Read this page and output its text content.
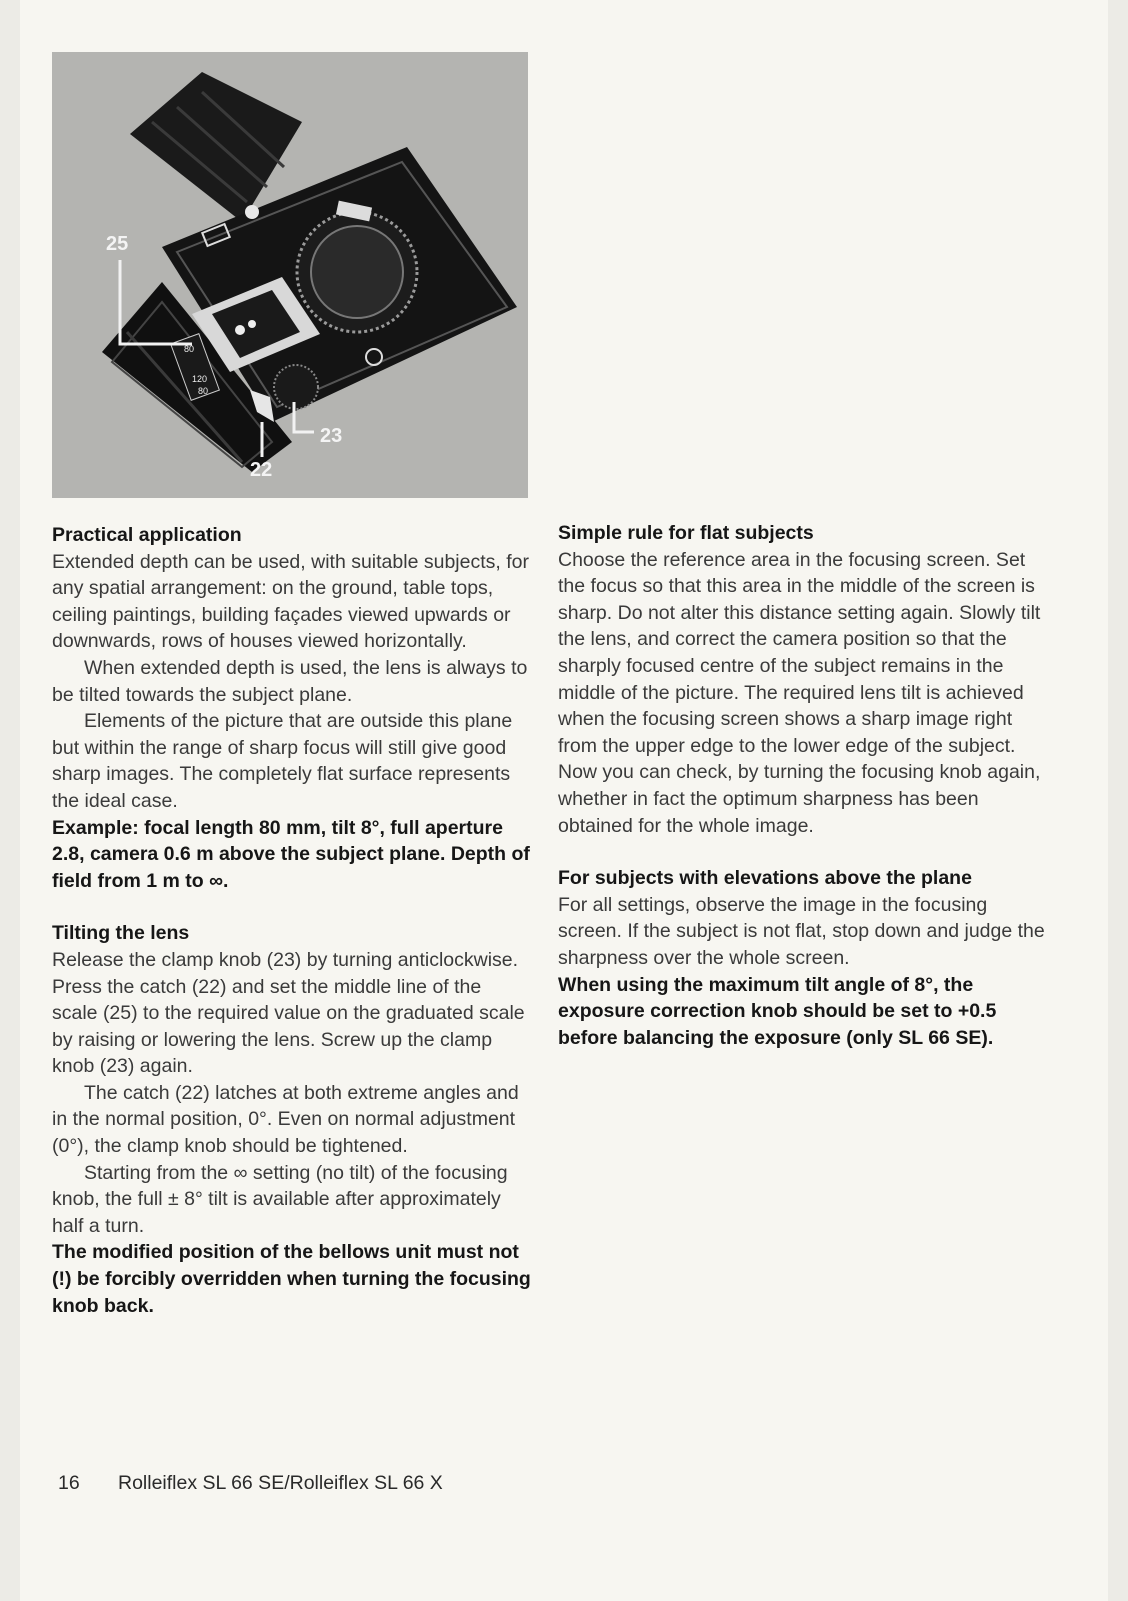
80
120
80
25
23
22

Practical application

Extended depth can be used, with suitable subjects, for any spatial arrangement: on the ground, table tops, ceiling paintings, building façades viewed upwards or downwards, rows of houses viewed horizontally.

When extended depth is used, the lens is always to be tilted towards the subject plane.

Elements of the picture that are outside this plane but within the range of sharp focus will still give good sharp images. The completely flat surface represents the ideal case.

Example: focal length 80 mm, tilt 8°, full aperture 2.8, camera 0.6 m above the subject plane. Depth of field from 1 m to ∞.

Tilting the lens

Release the clamp knob (23) by turning anticlockwise. Press the catch (22) and set the middle line of the scale (25) to the required value on the graduated scale by raising or lowering the lens. Screw up the clamp knob (23) again.

The catch (22) latches at both extreme angles and in the normal position, 0°. Even on normal adjustment (0°), the clamp knob should be tightened.

Starting from the ∞ setting (no tilt) of the focusing knob, the full ± 8° tilt is available after approximately half a turn.

The modified position of the bellows unit must not (!) be forcibly overridden when turning the focusing knob back.

Simple rule for flat subjects

Choose the reference area in the focusing screen. Set the focus so that this area in the middle of the screen is sharp. Do not alter this distance setting again. Slowly tilt the lens, and correct the camera position so that the sharply focused centre of the subject remains in the middle of the picture. The required lens tilt is achieved when the focusing screen shows a sharp image right from the upper edge to the lower edge of the subject. Now you can check, by turning the focusing knob again, whether in fact the optimum sharpness has been obtained for the whole image.

For subjects with elevations above the plane

For all settings, observe the image in the focusing screen. If the subject is not flat, stop down and judge the sharpness over the whole screen.

When using the maximum tilt angle of 8°, the exposure correction knob should be set to +0.5 before balancing the exposure (only SL 66 SE).

16 Rolleiflex SL 66 SE/Rolleiflex SL 66 X
